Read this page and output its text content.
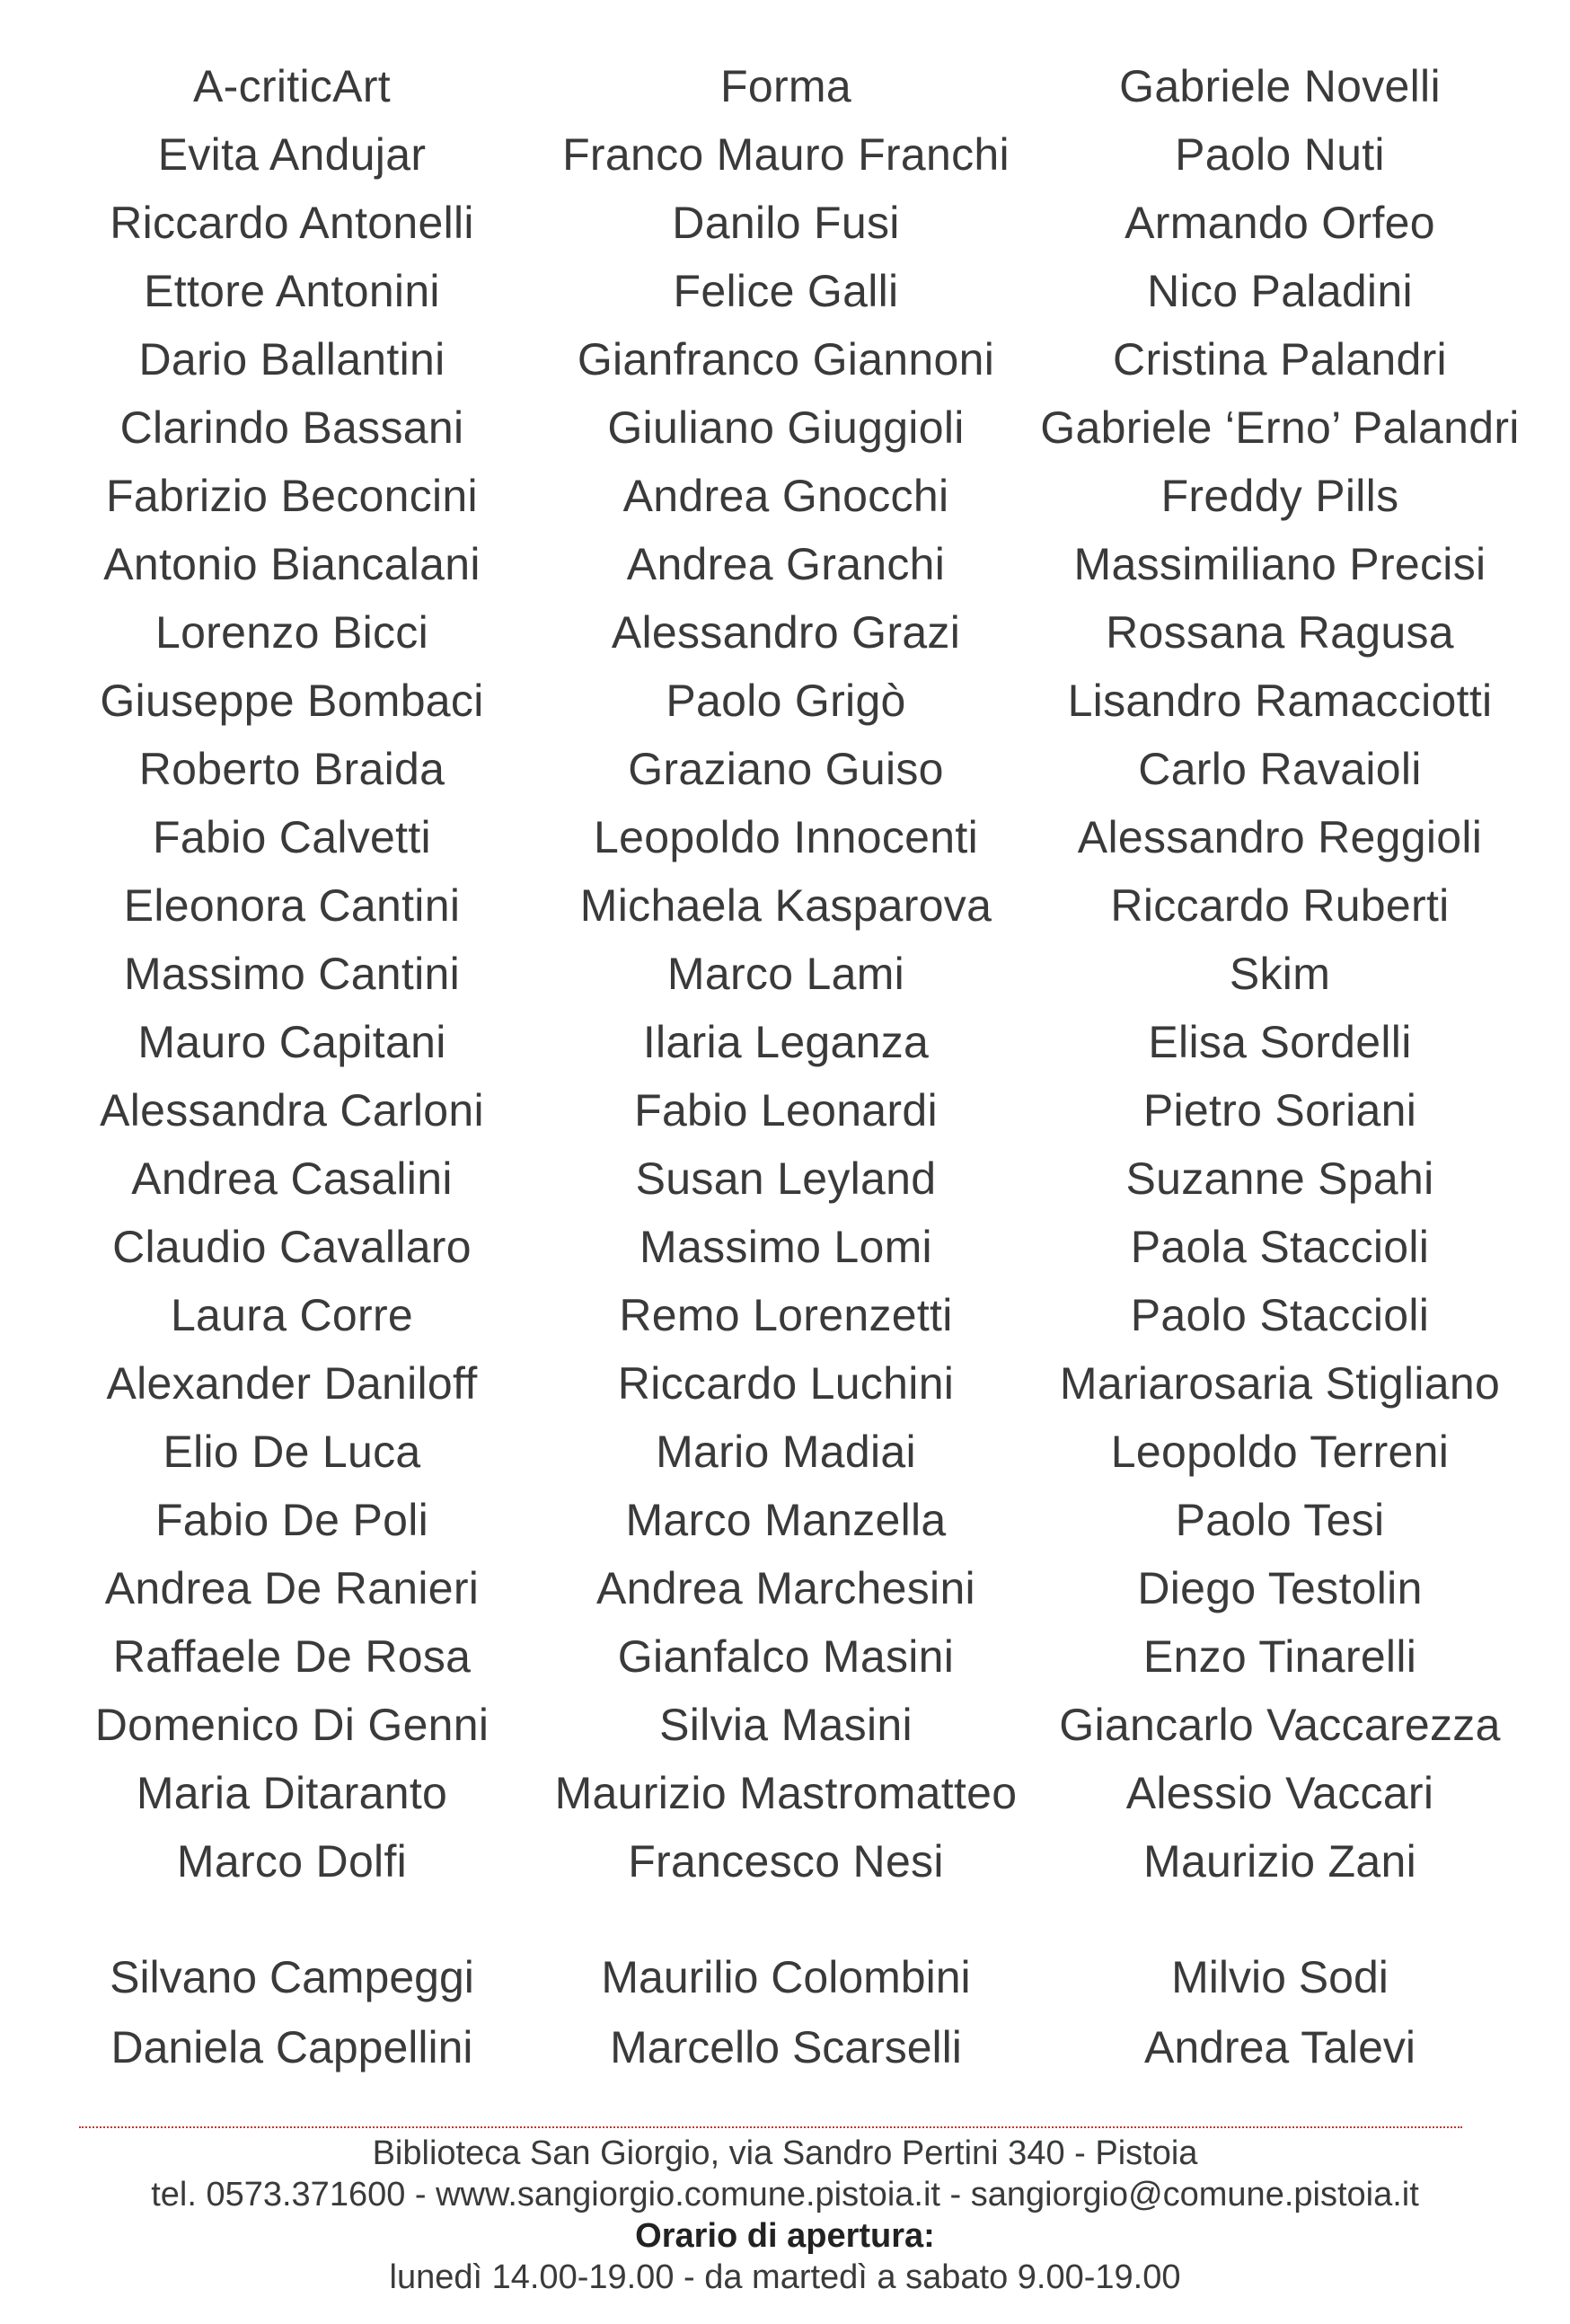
A-criticArt
Evita Andujar
Riccardo Antonelli
Ettore Antonini
Dario Ballantini
Clarindo Bassani
Fabrizio Beconcini
Antonio Biancalani
Lorenzo Bicci
Giuseppe Bombaci
Roberto Braida
Fabio Calvetti
Eleonora Cantini
Massimo Cantini
Mauro Capitani
Alessandra Carloni
Andrea Casalini
Claudio Cavallaro
Laura Corre
Alexander Daniloff
Elio De Luca
Fabio De Poli
Andrea De Ranieri
Raffaele De Rosa
Domenico Di Genni
Maria Ditaranto
Marco Dolfi
Forma
Franco Mauro Franchi
Danilo Fusi
Felice Galli
Gianfranco Giannoni
Giuliano Giuggioli
Andrea Gnocchi
Andrea Granchi
Alessandro Grazi
Paolo Grigò
Graziano Guiso
Leopoldo Innocenti
Michaela Kasparova
Marco Lami
Ilaria Leganza
Fabio Leonardi
Susan Leyland
Massimo Lomi
Remo Lorenzetti
Riccardo Luchini
Mario Madiai
Marco Manzella
Andrea Marchesini
Gianfalco Masini
Silvia Masini
Maurizio Mastromatteo
Francesco Nesi
Gabriele Novelli
Paolo Nuti
Armando Orfeo
Nico Paladini
Cristina Palandri
Gabriele ‘Erno’ Palandri
Freddy Pills
Massimiliano Precisi
Rossana Ragusa
Lisandro Ramacciotti
Carlo Ravaioli
Alessandro Reggioli
Riccardo Ruberti
Skim
Elisa Sordelli
Pietro Soriani
Suzanne Spahi
Paola Staccioli
Paolo Staccioli
Mariarosaria Stigliano
Leopoldo Terreni
Paolo Tesi
Diego Testolin
Enzo Tinarelli
Giancarlo Vaccarezza
Alessio Vaccari
Maurizio Zani
Silvano Campeggi
Daniela Cappellini
Maurilio Colombini
Marcello Scarselli
Milvio Sodi
Andrea Talevi
Biblioteca San Giorgio, via Sandro Pertini 340 - Pistoia
tel. 0573.371600 - www.sangiorgio.comune.pistoia.it - sangiorgio@comune.pistoia.it
Orario di apertura:
lunedì 14.00-19.00 - da martedì a sabato 9.00-19.00
